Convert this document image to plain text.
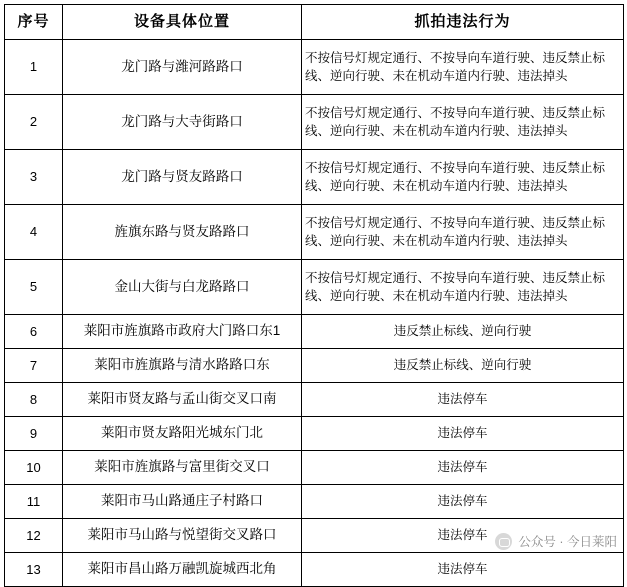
序号	设备具体位置	抓拍违法行为
1	龙门路与潍河路路口	不按信号灯规定通行、不按导向车道行驶、违反禁止标线、逆向行驶、未在机动车道内行驶、违法掉头
2	龙门路与大寺街路口	不按信号灯规定通行、不按导向车道行驶、违反禁止标线、逆向行驶、未在机动车道内行驶、违法掉头
3	龙门路与贤友路路口	不按信号灯规定通行、不按导向车道行驶、违反禁止标线、逆向行驶、未在机动车道内行驶、违法掉头
4	旌旗东路与贤友路路口	不按信号灯规定通行、不按导向车道行驶、违反禁止标线、逆向行驶、未在机动车道内行驶、违法掉头
5	金山大街与白龙路路口	不按信号灯规定通行、不按导向车道行驶、违反禁止标线、逆向行驶、未在机动车道内行驶、违法掉头
6	莱阳市旌旗路市政府大门路口东1	违反禁止标线、逆向行驶
7	莱阳市旌旗路与清水路路口东	违反禁止标线、逆向行驶
8	莱阳市贤友路与孟山街交叉口南	违法停车
9	莱阳市贤友路阳光城东门北	违法停车
10	莱阳市旌旗路与富里街交叉口	违法停车
11	莱阳市马山路通庄子村路口	违法停车
12	莱阳市马山路与悦望街交叉路口	违法停车
13	莱阳市昌山路万融凯旋城西北角	违法停车
公众号 · 今日莱阳
